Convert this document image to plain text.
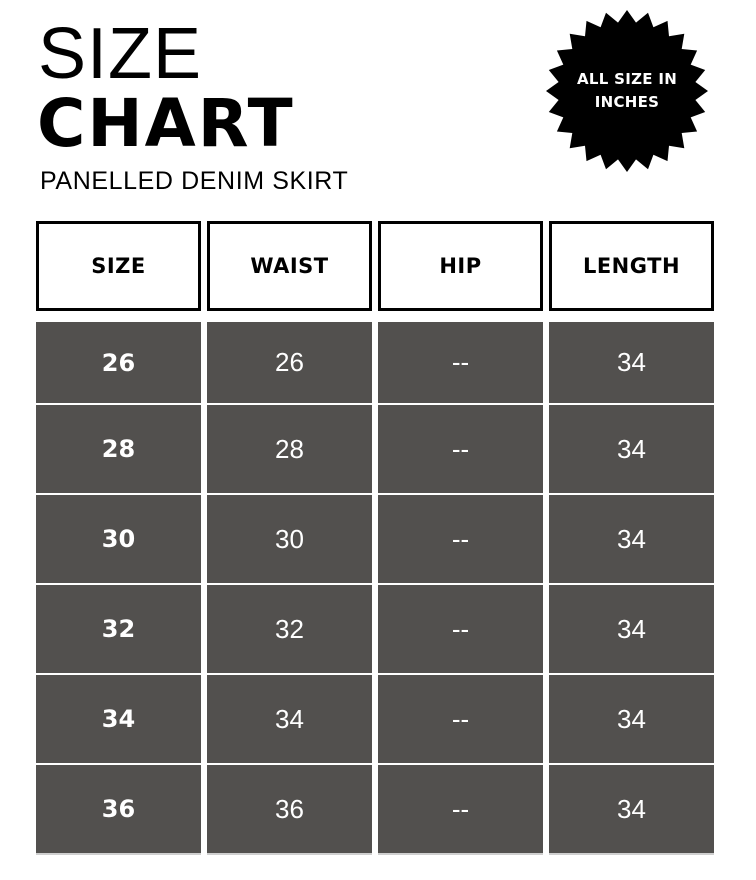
SIZE
CHART
PANELLED DENIM SKIRT
ALL SIZE IN
INCHES
SIZE	WAIST	HIP	LENGTH
26	26	--	34
28	28	--	34
30	30	--	34
32	32	--	34
34	34	--	34
36	36	--	34
